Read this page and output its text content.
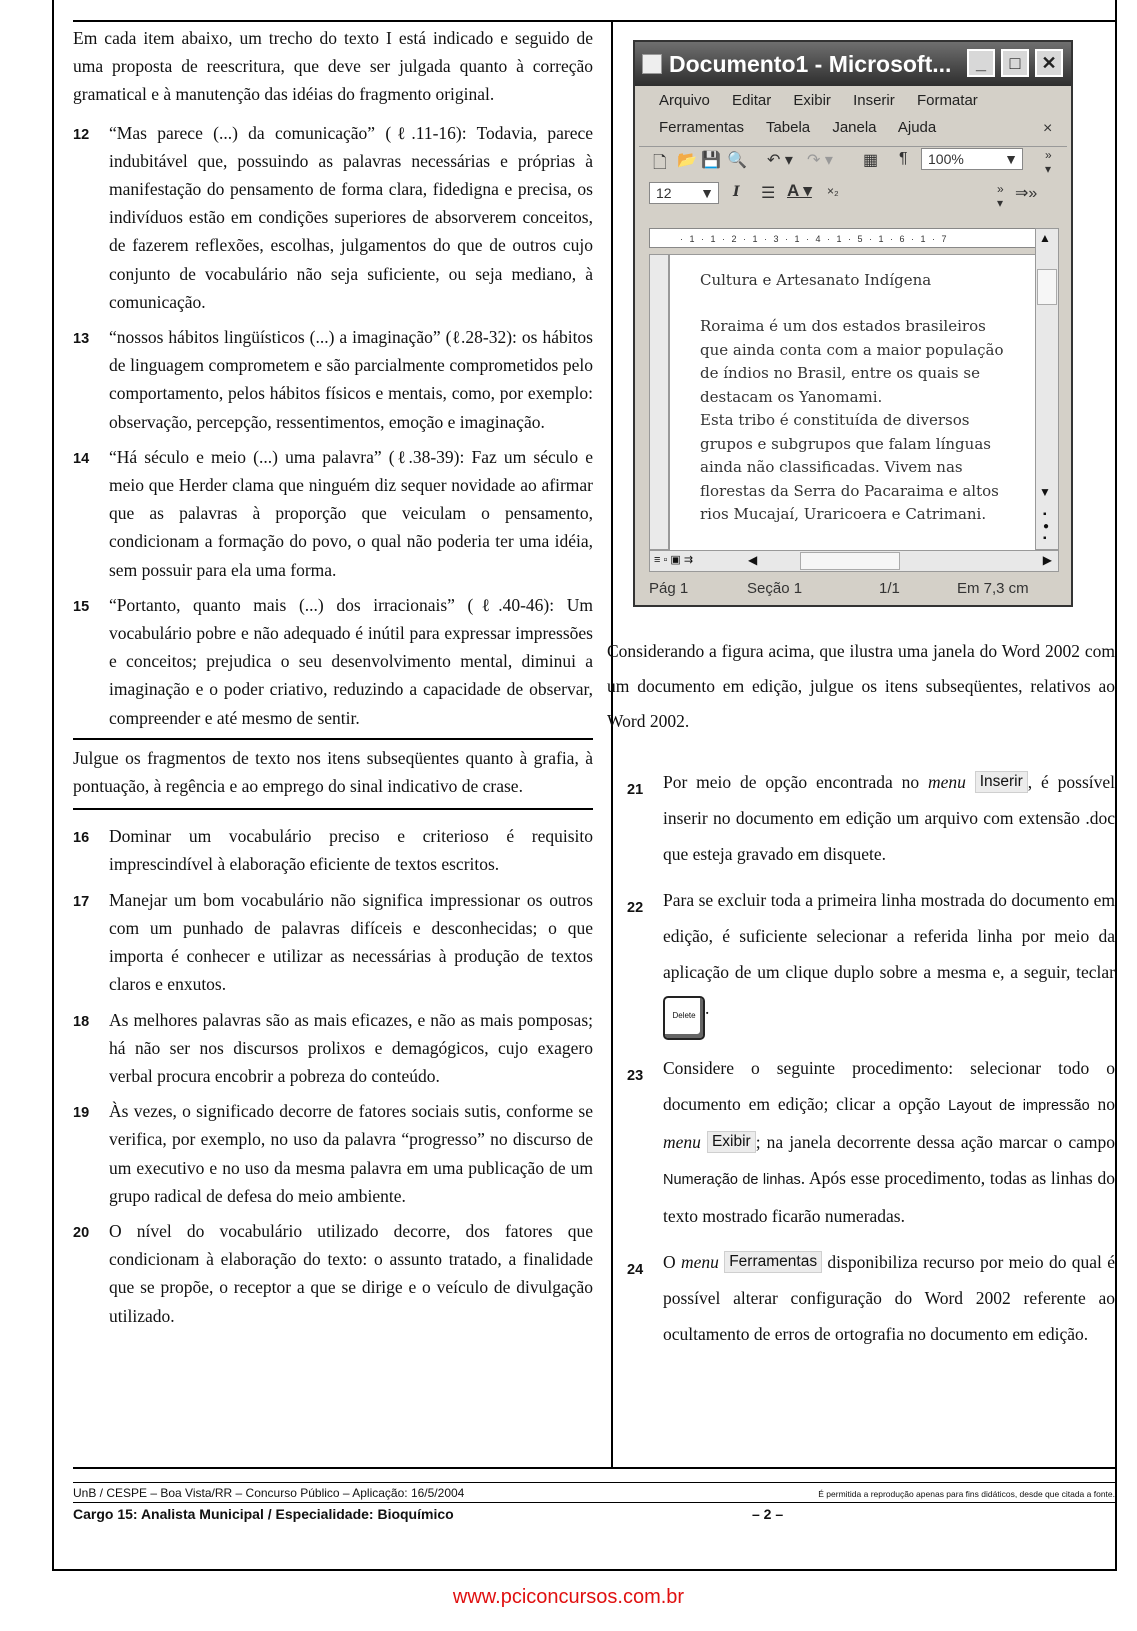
Em cada item abaixo, um trecho do texto I está indicado e seguido de uma proposta de reescritura, que deve ser julgada quanto à correção gramatical e à manutenção das idéias do fragmento original.

12 “Mas parece (...) da comunicação” (ℓ.11-16): Todavia, parece indubitável que, possuindo as palavras necessárias e próprias à manifestação do pensamento de forma clara, fidedigna e precisa, os indivíduos estão em condições superiores de absorverem conceitos, de fazerem reflexões, escolhas, julgamentos do que de outros cujo conjunto de vocabulário não seja suficiente, ou seja mediano, à comunicação.
13 “nossos hábitos lingüísticos (...) a imaginação” (ℓ.28-32): os hábitos de linguagem comprometem e são parcialmente comprometidos pelo comportamento, pelos hábitos físicos e mentais, como, por exemplo: observação, percepção, ressentimentos, emoção e imaginação.
14 “Há século e meio (...) uma palavra” (ℓ.38-39): Faz um século e meio que Herder clama que ninguém diz sequer novidade ao afirmar que as palavras à proporção que veiculam o pensamento, condicionam a formação do povo, o qual não poderia ter uma idéia, sem possuir para ela uma forma.
15 “Portanto, quanto mais (...) dos irracionais” (ℓ.40-46): Um vocabulário pobre e não adequado é inútil para expressar impressões e conceitos; prejudica o seu desenvolvimento mental, diminui a imaginação e o poder criativo, reduzindo a capacidade de observar, compreender e até mesmo de sentir.

Julgue os fragmentos de texto nos itens subseqüentes quanto à grafia, à pontuação, à regência e ao emprego do sinal indicativo de crase.

16 Dominar um vocabulário preciso e criterioso é requisito imprescindível à elaboração eficiente de textos escritos.
17 Manejar um bom vocabulário não significa impressionar os outros com um punhado de palavras difíceis e desconhecidas; o que importa é conhecer e utilizar as necessárias à produção de textos claros e enxutos.
18 As melhores palavras são as mais eficazes, e não as mais pomposas; há não ser nos discursos prolixos e demagógicos, cujo exagero verbal procura encobrir a pobreza do conteúdo.
19 Às vezes, o significado decorre de fatores sociais sutis, conforme se verifica, por exemplo, no uso da palavra “progresso” no discurso de um executivo e no uso da mesma palavra em uma publicação de um grupo radical de defesa do meio ambiente.
20 O nível do vocabulário utilizado decorre, dos fatores que condicionam à elaboração do texto: o assunto tratado, a finalidade que se propõe, o receptor a que se dirige e o veículo de divulgação utilizado.
Documento1 - Microsoft...	_	□	✕
Arquivo Editar Exibir Inserir Formatar
Ferramentas Tabela Janela Ajuda	×
🗋 📂 💾 🔍 ↶ ▾ ↷ ▾ ▦ ¶	100%	▼ »
▾
12 ▼ I ☰ A ▾ ×₂	»
▾
⇒»
· 1 · 1 · 2 · 1 · 3 · 1 · 4 · 1 · 5 · 1 · 6 · 1 · 7
Cultura e Artesanato Indígena
Roraima é um dos estados brasileiros
que ainda conta com a maior população
de índios no Brasil, entre os quais se
destacam os Yanomami.
Esta tribo é constituída de diversos
grupos e subgrupos que falam línguas
ainda não classificadas. Vivem nas
florestas da Serra do Pacaraima e altos
rios Mucajaí, Uraricoera e Catrimani.
▲
▼
▪
●
▪
≡ ▫ ▣ ⇉	◀	▶
Pág 1	Seção 1	1/1	Em 7,3 cm

Considerando a figura acima, que ilustra uma janela do Word 2002 com um documento em edição, julgue os itens subseqüentes, relativos ao Word 2002.

21 Por meio de opção encontrada no menu Inserir , é possível inserir no documento em edição um arquivo com extensão .doc que esteja gravado em disquete.
22 Para se excluir toda a primeira linha mostrada do documento em edição, é suficiente selecionar a referida linha por meio da aplicação de um clique duplo sobre a mesma e, a seguir, teclar Delete .
23 Considere o seguinte procedimento: selecionar todo o documento em edição; clicar a opção Layout de impressão no menu Exibir ; na janela decorrente dessa ação marcar o campo Numeração de linhas. Após esse procedimento, todas as linhas do texto mostrado ficarão numeradas.
24 O menu Ferramentas disponibiliza recurso por meio do qual é possível alterar configuração do Word 2002 referente ao ocultamento de erros de ortografia no documento em edição.
UnB / CESPE – Boa Vista/RR – Concurso Público – Aplicação: 16/5/2004	É permitida a reprodução apenas para fins didáticos, desde que citada a fonte.
Cargo 15: Analista Municipal / Especialidade: Bioquímico	– 2 –
www.pciconcursos.com.br
